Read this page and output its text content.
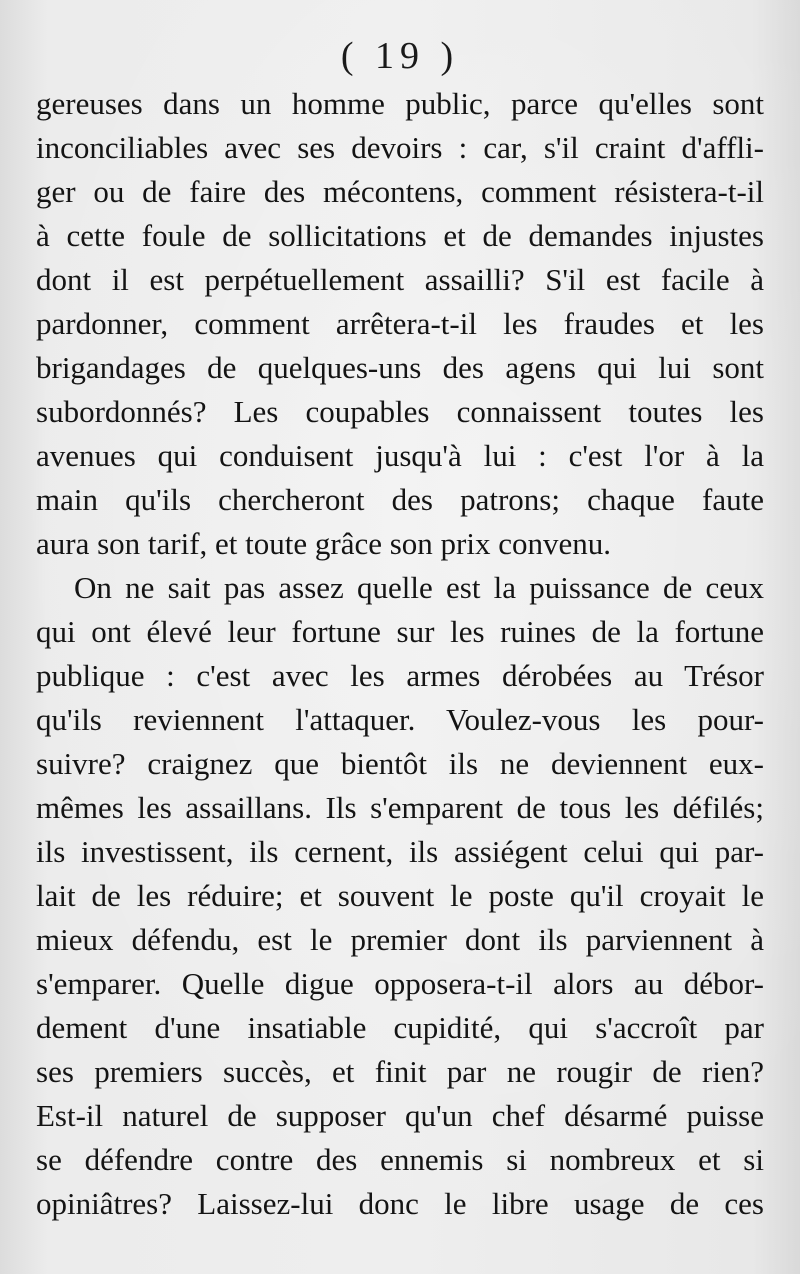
( 19 )
gereuses dans un homme public, parce qu'elles sont
inconciliables avec ses devoirs : car, s'il craint d'affli-
ger ou de faire des mécontens, comment résistera-t-il
à cette foule de sollicitations et de demandes injustes
dont il est perpétuellement assailli? S'il est facile à
pardonner, comment arrêtera-t-il les fraudes et les
brigandages de quelques-uns des agens qui lui sont
subordonnés? Les coupables connaissent toutes les
avenues qui conduisent jusqu'à lui : c'est l'or à la
main qu'ils chercheront des patrons; chaque faute
aura son tarif, et toute grâce son prix convenu.
On ne sait pas assez quelle est la puissance de ceux
qui ont élevé leur fortune sur les ruines de la fortune
publique : c'est avec les armes dérobées au Trésor
qu'ils reviennent l'attaquer. Voulez-vous les pour-
suivre? craignez que bientôt ils ne deviennent eux-
mêmes les assaillans. Ils s'emparent de tous les défilés;
ils investissent, ils cernent, ils assiégent celui qui par-
lait de les réduire; et souvent le poste qu'il croyait le
mieux défendu, est le premier dont ils parviennent à
s'emparer. Quelle digue opposera-t-il alors au débor-
dement d'une insatiable cupidité, qui s'accroît par
ses premiers succès, et finit par ne rougir de rien?
Est-il naturel de supposer qu'un chef désarmé puisse
se défendre contre des ennemis si nombreux et si
opiniâtres? Laissez-lui donc le libre usage de ces
